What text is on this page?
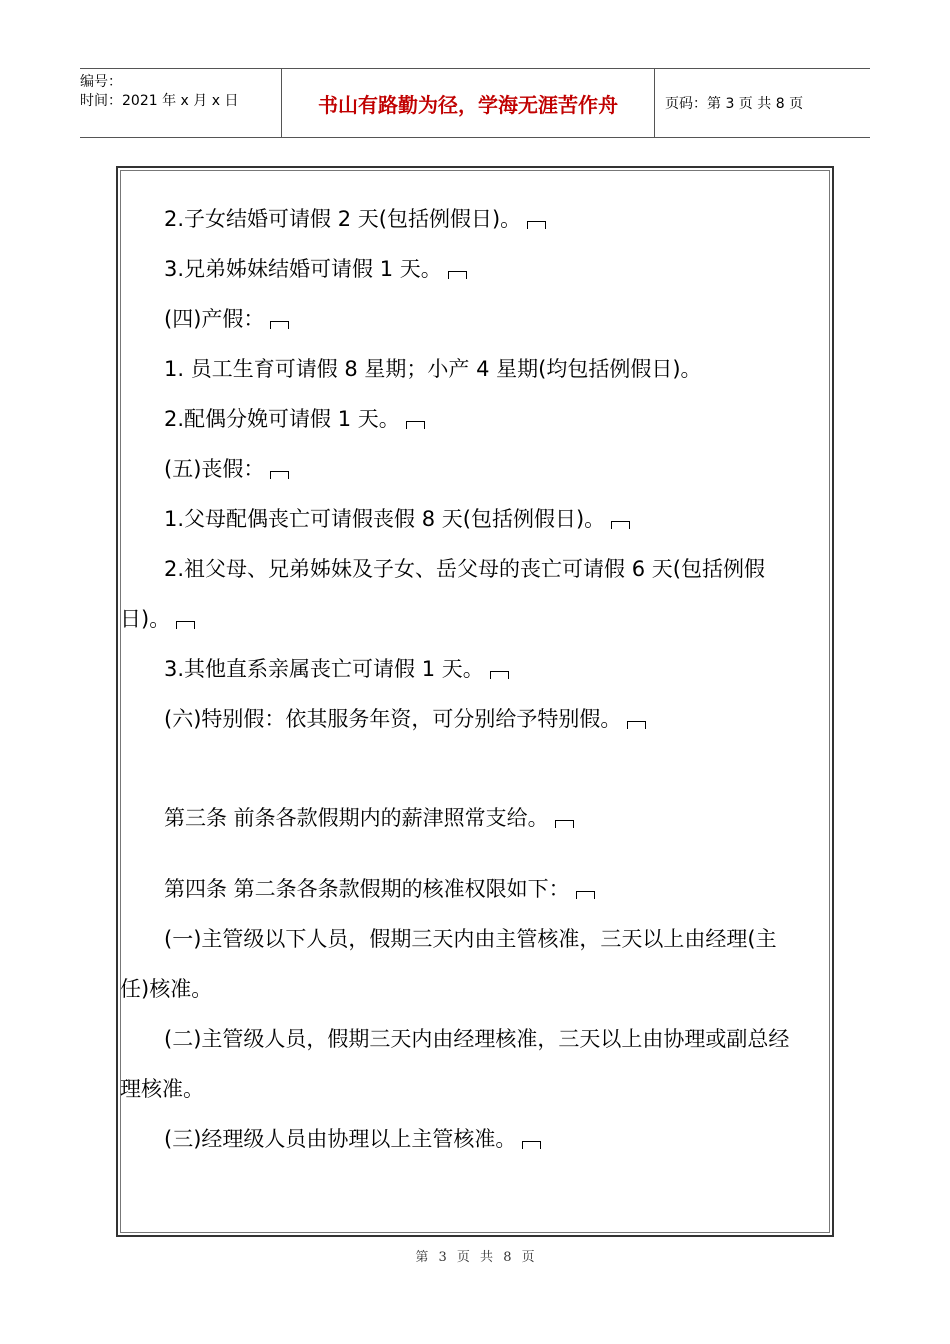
编号：
时间：2021 年 x 月 x 日	书山有路勤为径，学海无涯苦作舟	页码：第 3 页 共 8 页
2.子女结婚可请假 2 天(包括例假日)。
3.兄弟姊妹结婚可请假 1 天。
(四)产假：
1. 员工生育可请假 8 星期；小产 4 星期(均包括例假日)。
2.配偶分娩可请假 1 天。
(五)丧假：
1.父母配偶丧亡可请假丧假 8 天(包括例假日)。
2.祖父母、兄弟姊妹及子女、岳父母的丧亡可请假 6 天(包括例假
日)。
3.其他直系亲属丧亡可请假 1 天。
(六)特别假：依其服务年资，可分别给予特别假。
第三条 前条各款假期内的薪津照常支给。
第四条 第二条各条款假期的核准权限如下：
(一)主管级以下人员，假期三天内由主管核准，三天以上由经理(主
任)核准。
(二)主管级人员，假期三天内由经理核准，三天以上由协理或副总经
理核准。
(三)经理级人员由协理以上主管核准。
第 3 页 共 8 页
